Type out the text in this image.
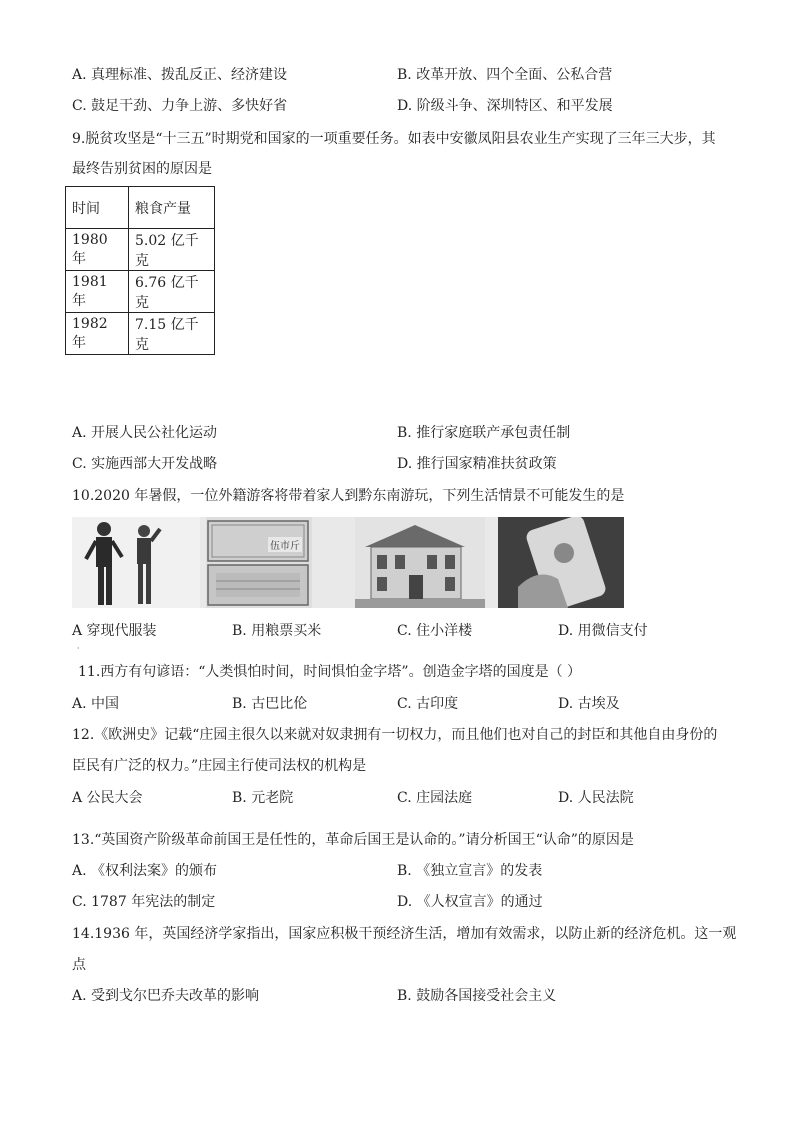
A. 真理标准、拨乱反正、经济建设	B. 改革开放、四个全面、公私合营
C. 鼓足干劲、力争上游、多快好省	D. 阶级斗争、深圳特区、和平发展
9.脱贫攻坚是“十三五”时期党和国家的一项重要任务。如表中安徽凤阳县农业生产实现了三年三大步，其
最终告别贫困的原因是
时间	粮食产量
1980 年	5.02 亿千克
1981 年	6.76 亿千克
1982 年	7.15 亿千克
A. 开展人民公社化运动	B. 推行家庭联产承包责任制
C. 实施西部大开发战略	D. 推行国家精准扶贫政策
10.2020 年暑假，一位外籍游客将带着家人到黔东南游玩，下列生活情景不可能发生的是
伍市斤
A 穿现代服装	B. 用粮票买米	C. 住小洋楼	D. 用微信支付
·
11.西方有句谚语：“人类惧怕时间，时间惧怕金字塔”。创造金字塔的国度是（ ）
A. 中国	B. 古巴比伦	C. 古印度	D. 古埃及
12.《欧洲史》记载“庄园主很久以来就对奴隶拥有一切权力，而且他们也对自己的封臣和其他自由身份的
臣民有广泛的权力。”庄园主行使司法权的机构是
A 公民大会	B. 元老院	C. 庄园法庭	D. 人民法院
13.“英国资产阶级革命前国王是任性的，革命后国王是认命的。”请分析国王“认命”的原因是
A. 《权利法案》的颁布	B. 《独立宣言》的发表
C. 1787 年宪法的制定	D. 《人权宣言》的通过
14.1936 年，英国经济学家指出，国家应积极干预经济生活，增加有效需求，以防止新的经济危机。这一观
点
A. 受到戈尔巴乔夫改革的影响	B. 鼓励各国接受社会主义
